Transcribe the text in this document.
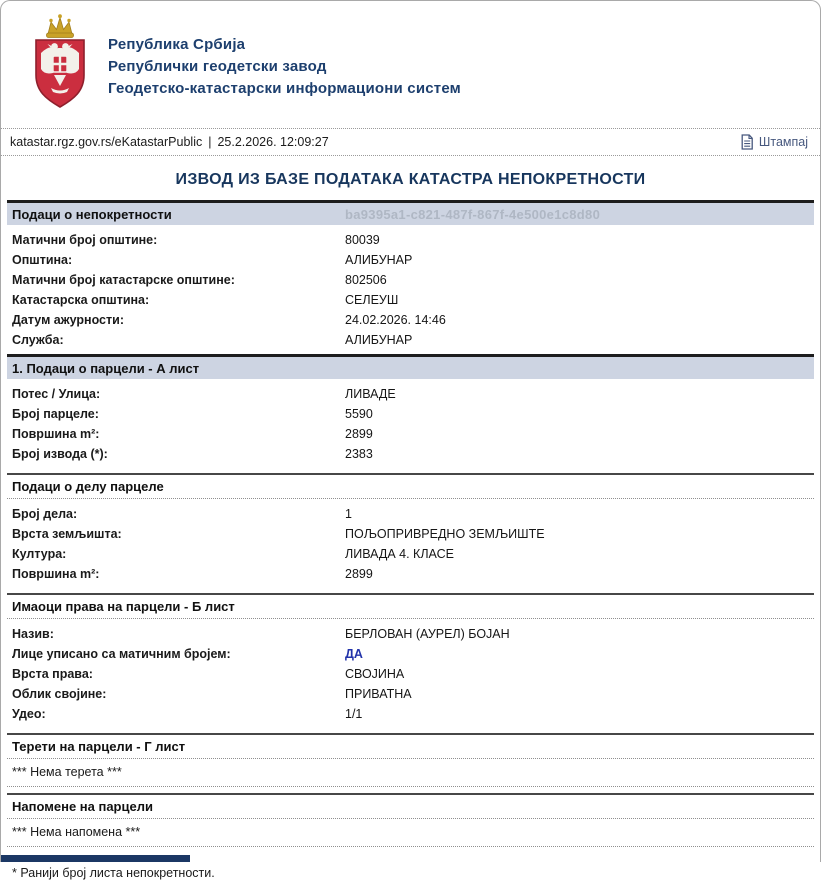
Република Србија
Републички геодетски завод
Геодетско-катастарски информациони систем
katastar.rgz.gov.rs/eKatastarPublic | 25.2.2026. 12:09:27	Штампај
ИЗВОД ИЗ БАЗЕ ПОДАТАКА КАТАСТРА НЕПОКРЕТНОСТИ
Подаци о непокретности	ba9395a1-c821-487f-867f-4e500e1c8d80
Матични број општине:	80039
Општина:	АЛИБУНАР
Матични број катастарске општине:	802506
Катастарска општина:	СЕЛЕУШ
Датум ажурности:	24.02.2026. 14:46
Служба:	АЛИБУНАР
1. Подаци о парцели - А лист
Потес / Улица:	ЛИВАДЕ
Број парцеле:	5590
Површина m²:	2899
Број извода (*):	2383
Подаци о делу парцеле
Број дела:	1
Врста земљишта:	ПОЉОПРИВРЕДНО ЗЕМЉИШТЕ
Култура:	ЛИВАДА 4. КЛАСЕ
Површина m²:	2899
Имаоци права на парцели - Б лист
Назив:	БЕРЛОВАН (АУРЕЛ) БОЈАН
Лице уписано са матичним бројем:	ДА
Врста права:	СВОЈИНА
Облик својине:	ПРИВАТНА
Удео:	1/1
Терети на парцели - Г лист
*** Нема терета ***
Напомене на парцели
*** Нема напомена ***
* Ранији број листа непокретности.
